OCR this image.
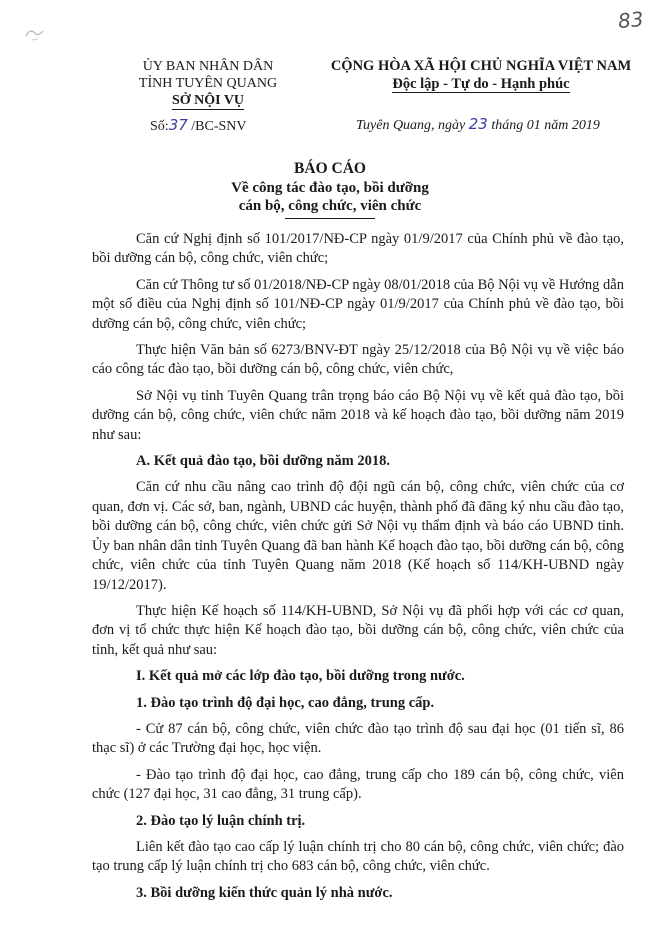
83
ỦY BAN NHÂN DÂN
TỈNH TUYÊN QUANG
SỞ NỘI VỤ
Số:37 /BC-SNV
CỘNG HÒA XÃ HỘI CHỦ NGHĨA VIỆT NAM
Độc lập - Tự do - Hạnh phúc
Tuyên Quang, ngày 23 tháng 01 năm 2019
BÁO CÁO
Về công tác đào tạo, bồi dưỡng
cán bộ, công chức, viên chức

Căn cứ Nghị định số 101/2017/NĐ-CP ngày 01/9/2017 của Chính phủ về đào tạo, bồi dưỡng cán bộ, công chức, viên chức;

Căn cứ Thông tư số 01/2018/NĐ-CP ngày 08/01/2018 của Bộ Nội vụ về Hướng dẫn một số điều của Nghị định số 101/NĐ-CP ngày 01/9/2017 của Chính phủ về đào tạo, bồi dưỡng cán bộ, công chức, viên chức;

Thực hiện Văn bản số 6273/BNV-ĐT ngày 25/12/2018 của Bộ Nội vụ về việc báo cáo công tác đào tạo, bồi dưỡng cán bộ, công chức, viên chức,

Sở Nội vụ tỉnh Tuyên Quang trân trọng báo cáo Bộ Nội vụ về kết quả đào tạo, bồi dưỡng cán bộ, công chức, viên chức năm 2018 và kế hoạch đào tạo, bồi dưỡng năm 2019 như sau:

A. Kết quả đào tạo, bồi dưỡng năm 2018.

Căn cứ nhu cầu nâng cao trình độ đội ngũ cán bộ, công chức, viên chức của cơ quan, đơn vị. Các sở, ban, ngành, UBND các huyện, thành phố đã đăng ký nhu cầu đào tạo, bồi dưỡng cán bộ, công chức, viên chức gửi Sở Nội vụ thẩm định và báo cáo UBND tỉnh. Ủy ban nhân dân tỉnh Tuyên Quang đã ban hành Kế hoạch đào tạo, bồi dưỡng cán bộ, công chức, viên chức của tỉnh Tuyên Quang năm 2018 (Kế hoạch số 114/KH-UBND ngày 19/12/2017).

Thực hiện Kế hoạch số 114/KH-UBND, Sở Nội vụ đã phối hợp với các cơ quan, đơn vị tổ chức thực hiện Kế hoạch đào tạo, bồi dưỡng cán bộ, công chức, viên chức của tỉnh, kết quả như sau:

I. Kết quả mở các lớp đào tạo, bồi dưỡng trong nước.
1. Đào tạo trình độ đại học, cao đẳng, trung cấp.

- Cử 87 cán bộ, công chức, viên chức đào tạo trình độ sau đại học (01 tiến sĩ, 86 thạc sĩ) ở các Trường đại học, học viện.

- Đào tạo trình độ đại học, cao đẳng, trung cấp cho 189 cán bộ, công chức, viên chức (127 đại học, 31 cao đẳng, 31 trung cấp).

2. Đào tạo lý luận chính trị.

Liên kết đào tạo cao cấp lý luận chính trị cho 80 cán bộ, công chức, viên chức; đào tạo trung cấp lý luận chính trị cho 683 cán bộ, công chức, viên chức.

3. Bồi dưỡng kiến thức quản lý nhà nước.
